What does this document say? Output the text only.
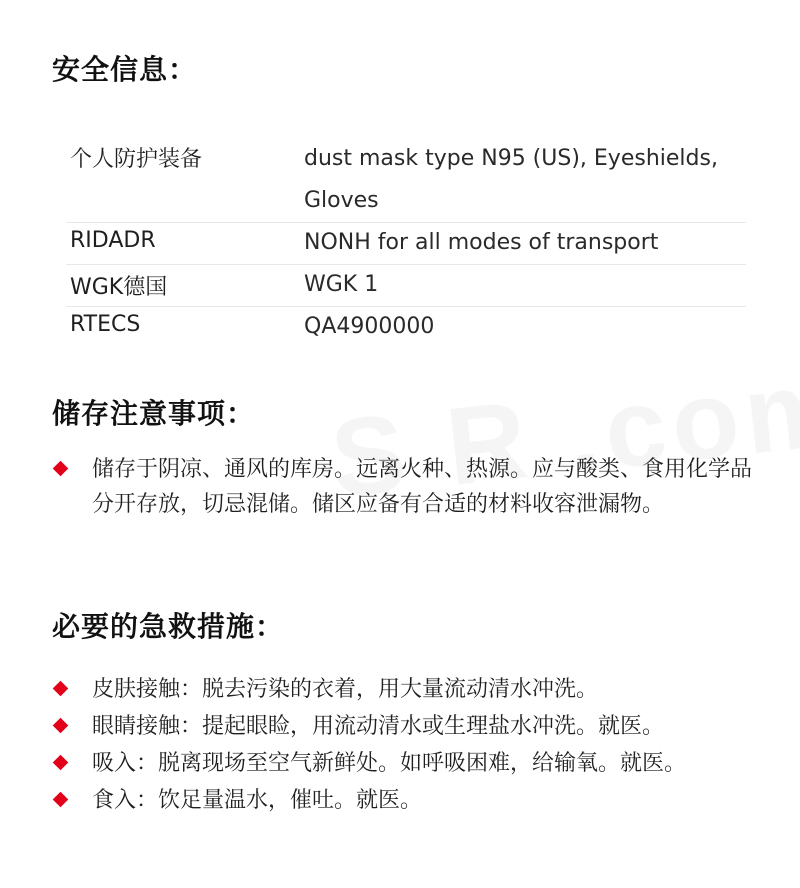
安全信息：
个人防护装备	dust mask type N95 (US), Eyeshields, Gloves
RIDADR	NONH for all modes of transport
WGK德国	WGK 1
RTECS	QA4900000
储存注意事项：
储存于阴凉、通风的库房。远离火种、热源。应与酸类、食用化学品分开存放，切忌混储。储区应备有合适的材料收容泄漏物。
必要的急救措施：
皮肤接触：脱去污染的衣着，用大量流动清水冲洗。
眼睛接触：提起眼睑，用流动清水或生理盐水冲洗。就医。
吸入：脱离现场至空气新鲜处。如呼吸困难，给输氧。就医。
食入：饮足量温水，催吐。就医。
